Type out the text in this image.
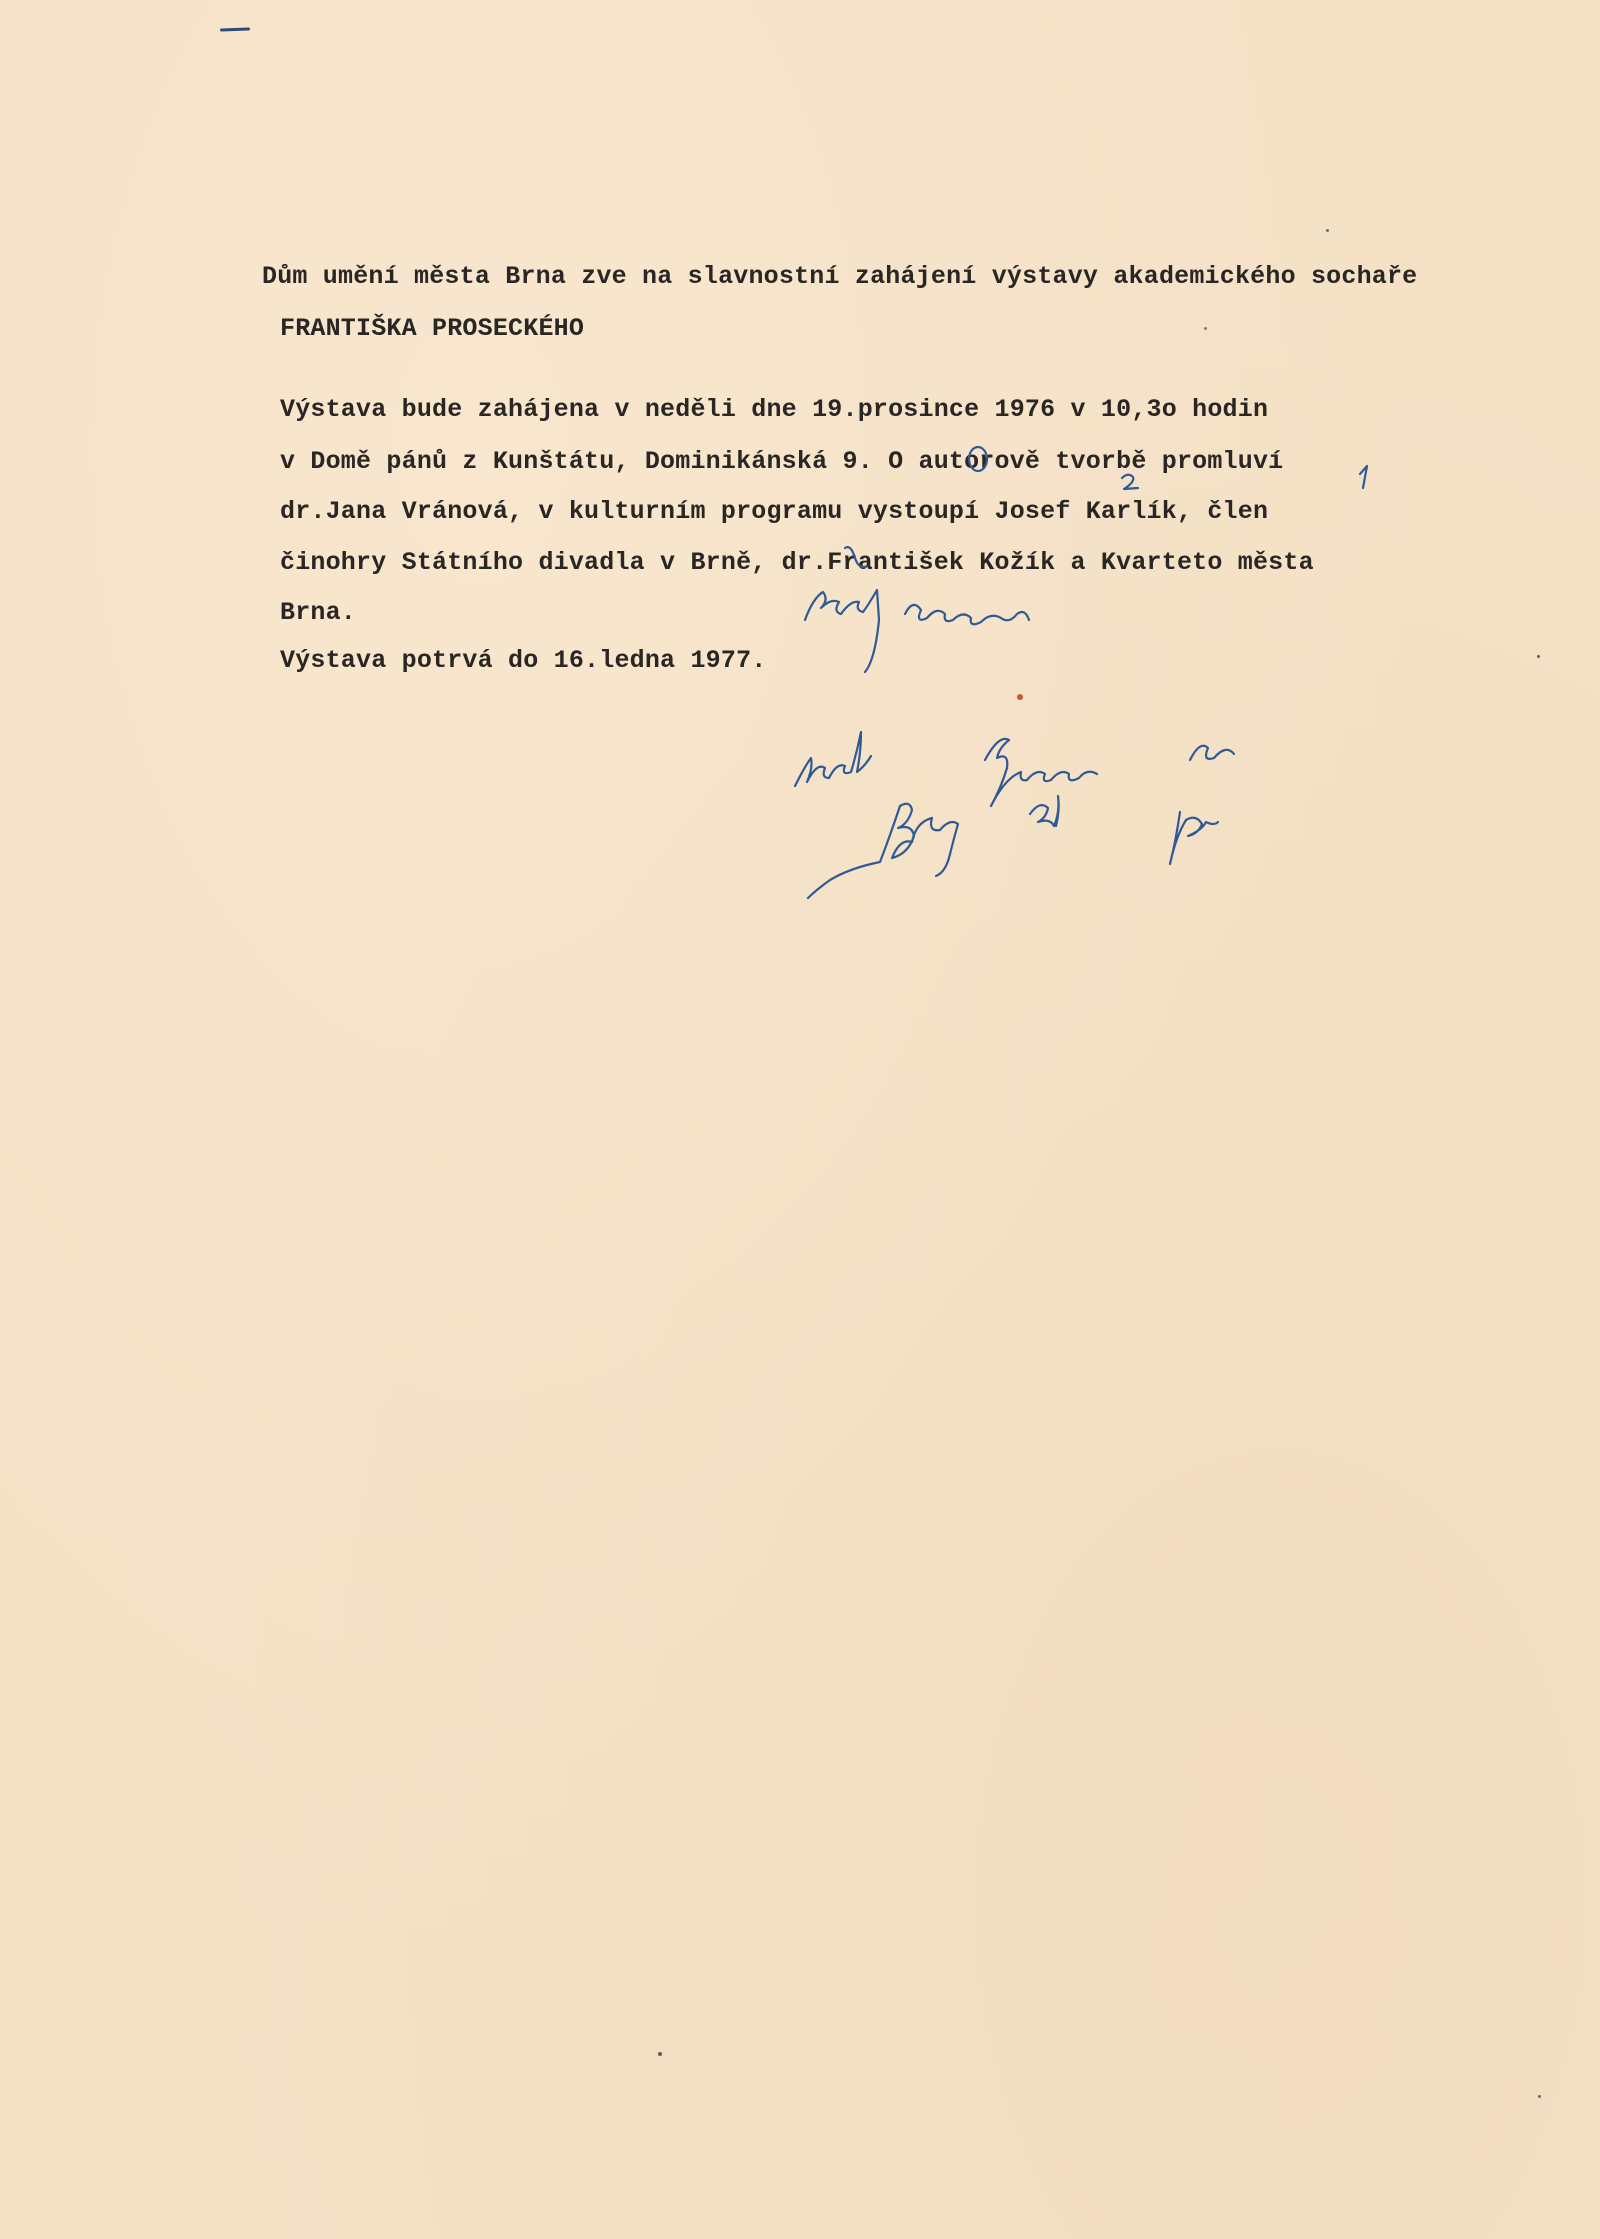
Dům umění města Brna zve na slavnostní zahájení výstavy akademického sochaře
FRANTIŠKA PROSECKÉHO
Výstava bude zahájena v neděli dne 19.prosince 1976 v 10,3o hodin
v Domě pánů z Kunštátu, Dominikánská 9. O autorově tvorbě promluví
dr.Jana Vránová, v kulturním programu vystoupí Josef Karlík, člen
činohry Státního divadla v Brně, dr.František Kožík a Kvarteto města
Brna.
Výstava potrvá do 16.ledna 1977.
